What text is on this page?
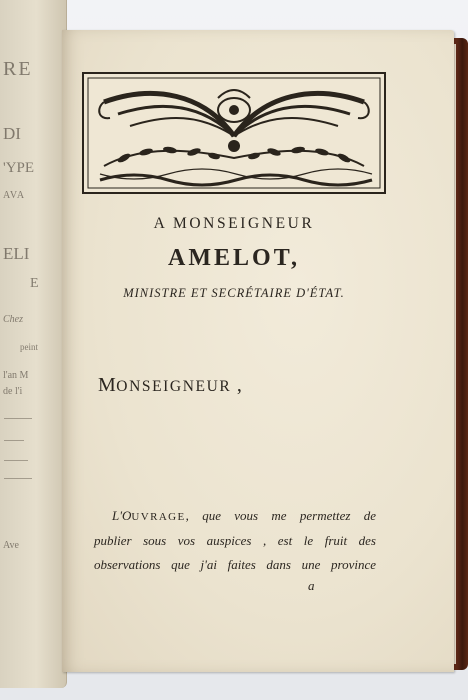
RE
DI
'YPE
AVA
ELI
E
Chez
peint
l'an M
de l'i
Ave
A MONSEIGNEUR
AMELOT,
MINISTRE ET SECRÉTAIRE D'ÉTAT.
MONSEIGNEUR ,
L'OUVRAGE, que vous me permettez de
publier sous vos auspices , est le fruit des
observations que j'ai faites dans une province
a
